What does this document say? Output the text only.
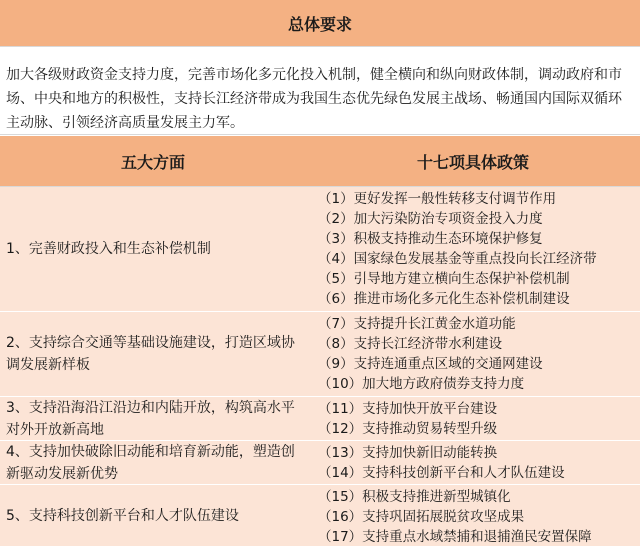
总体要求
加大各级财政资金支持力度，完善市场化多元化投入机制，健全横向和纵向财政体制，调动政府和市场、中央和地方的积极性，支持长江经济带成为我国生态优先绿色发展主战场、畅通国内国际双循环主动脉、引领经济高质量发展主力军。
五大方面	十七项具体政策
1、完善财政投入和生态补偿机制
（1）更好发挥一般性转移支付调节作用
（2）加大污染防治专项资金投入力度
（3）积极支持推动生态环境保护修复
（4）国家绿色发展基金等重点投向长江经济带
（5）引导地方建立横向生态保护补偿机制
（6）推进市场化多元化生态补偿机制建设
2、支持综合交通等基础设施建设，打造区域协调发展新样板
（7）支持提升长江黄金水道功能
（8）支持长江经济带水利建设
（9）支持连通重点区域的交通网建设
（10）加大地方政府债券支持力度
3、支持沿海沿江沿边和内陆开放，构筑高水平对外开放新高地
（11）支持加快开放平台建设
（12）支持推动贸易转型升级
4、支持加快破除旧动能和培育新动能，塑造创新驱动发展新优势
（13）支持加快新旧动能转换
（14）支持科技创新平台和人才队伍建设
5、支持科技创新平台和人才队伍建设
（15）积极支持推进新型城镇化
（16）支持巩固拓展脱贫攻坚成果
（17）支持重点水域禁捕和退捕渔民安置保障
